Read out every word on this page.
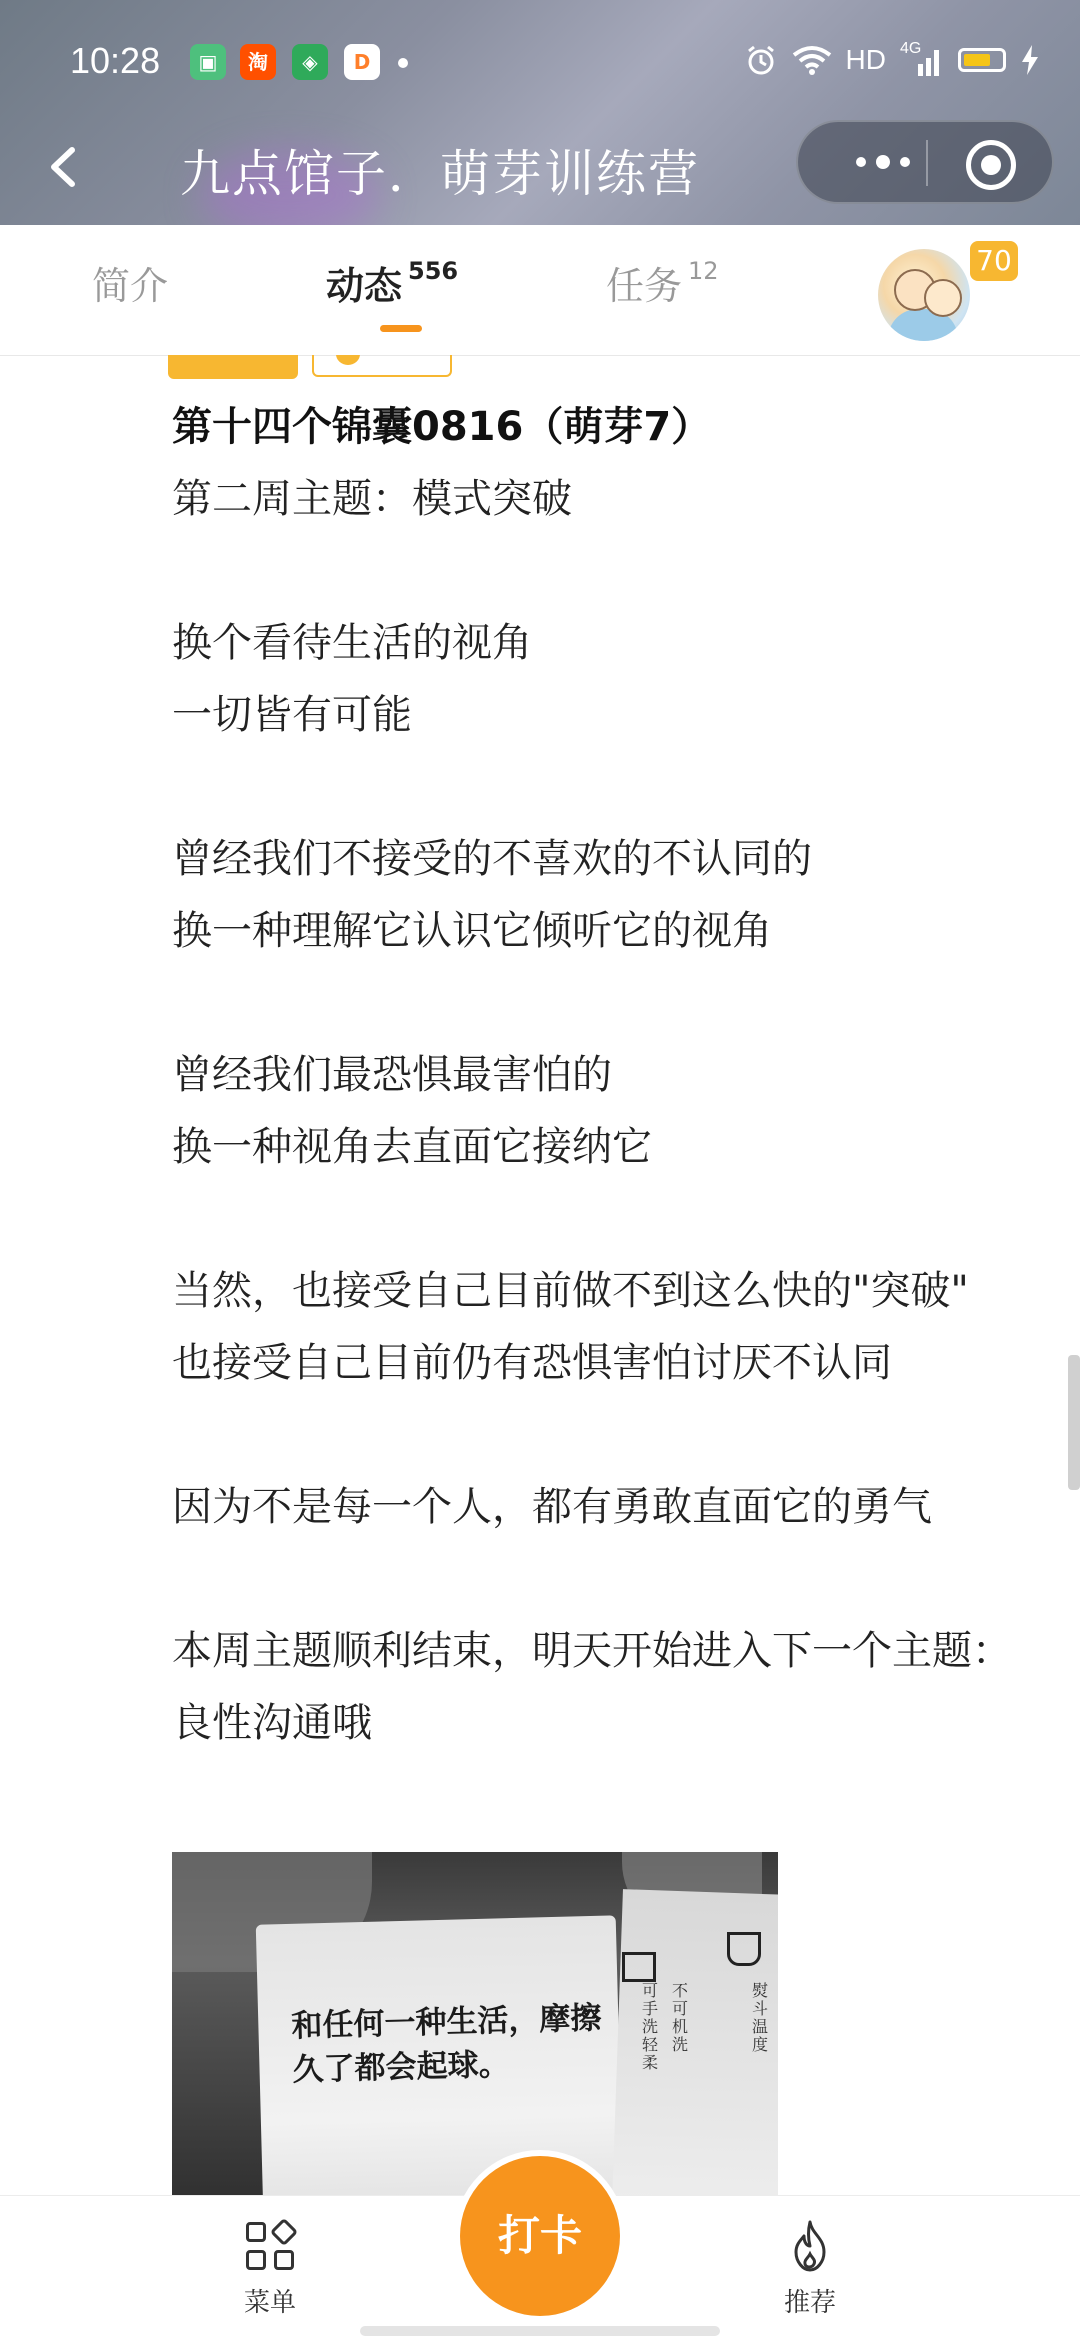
10:28	▣	淘	◈	D	HD 4G
九点馆子．萌芽训练营
简介	动态 $^{556}$	任务 $^{12}$	70
第十四个锦囊0816（萌芽7）
第二周主题：模式突破
换个看待生活的视角
一切皆有可能
曾经我们不接受的不喜欢的不认同的
换一种理解它认识它倾听它的视角
曾经我们最恐惧最害怕的
换一种视角去直面它接纳它
当然，也接受自己目前做不到这么快的"突破"
也接受自己目前仍有恐惧害怕讨厌不认同
因为不是每一个人，都有勇敢直面它的勇气
本周主题顺利结束，明天开始进入下一个主题：良性沟通哦
和任何一种生活，摩擦久了都会起球。
可手洗轻柔
不可机洗
熨斗温度
菜单
打卡
推荐
